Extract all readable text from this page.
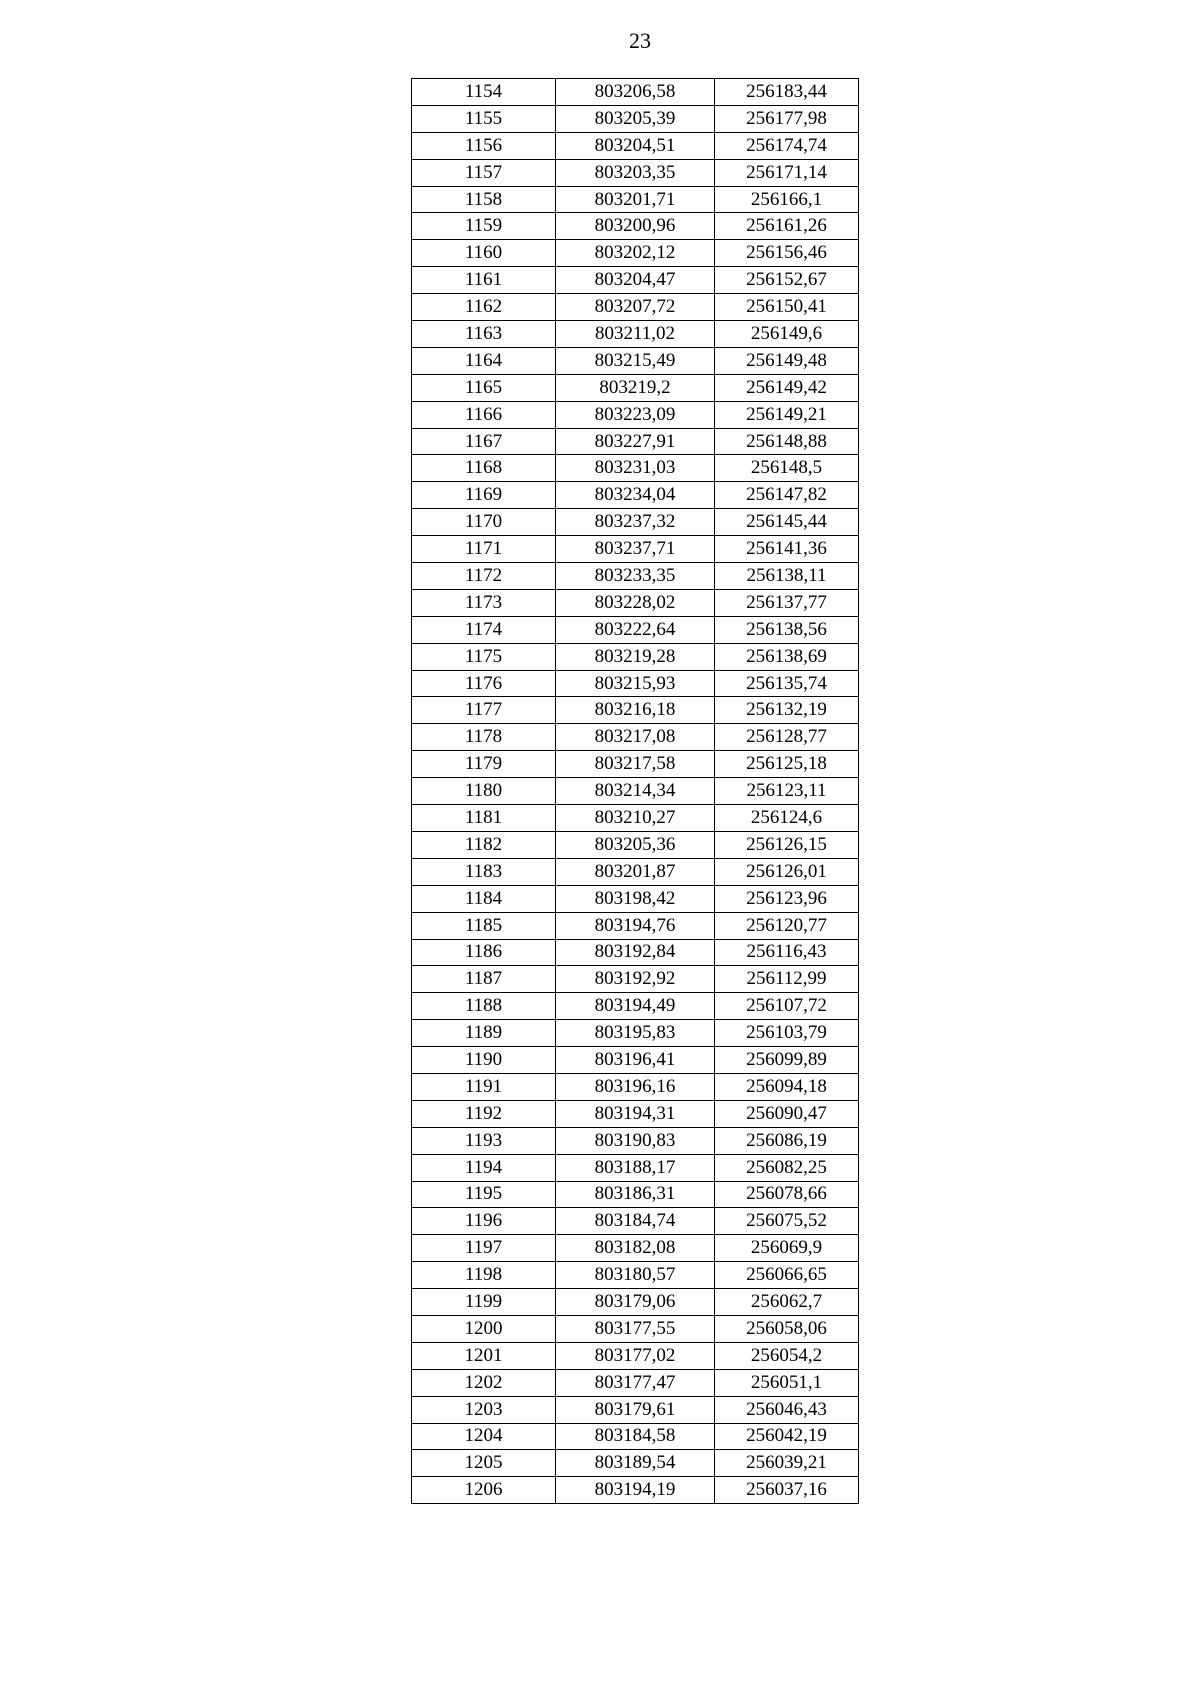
23
1154	803206,58	256183,44
1155	803205,39	256177,98
1156	803204,51	256174,74
1157	803203,35	256171,14
1158	803201,71	256166,1
1159	803200,96	256161,26
1160	803202,12	256156,46
1161	803204,47	256152,67
1162	803207,72	256150,41
1163	803211,02	256149,6
1164	803215,49	256149,48
1165	803219,2	256149,42
1166	803223,09	256149,21
1167	803227,91	256148,88
1168	803231,03	256148,5
1169	803234,04	256147,82
1170	803237,32	256145,44
1171	803237,71	256141,36
1172	803233,35	256138,11
1173	803228,02	256137,77
1174	803222,64	256138,56
1175	803219,28	256138,69
1176	803215,93	256135,74
1177	803216,18	256132,19
1178	803217,08	256128,77
1179	803217,58	256125,18
1180	803214,34	256123,11
1181	803210,27	256124,6
1182	803205,36	256126,15
1183	803201,87	256126,01
1184	803198,42	256123,96
1185	803194,76	256120,77
1186	803192,84	256116,43
1187	803192,92	256112,99
1188	803194,49	256107,72
1189	803195,83	256103,79
1190	803196,41	256099,89
1191	803196,16	256094,18
1192	803194,31	256090,47
1193	803190,83	256086,19
1194	803188,17	256082,25
1195	803186,31	256078,66
1196	803184,74	256075,52
1197	803182,08	256069,9
1198	803180,57	256066,65
1199	803179,06	256062,7
1200	803177,55	256058,06
1201	803177,02	256054,2
1202	803177,47	256051,1
1203	803179,61	256046,43
1204	803184,58	256042,19
1205	803189,54	256039,21
1206	803194,19	256037,16
